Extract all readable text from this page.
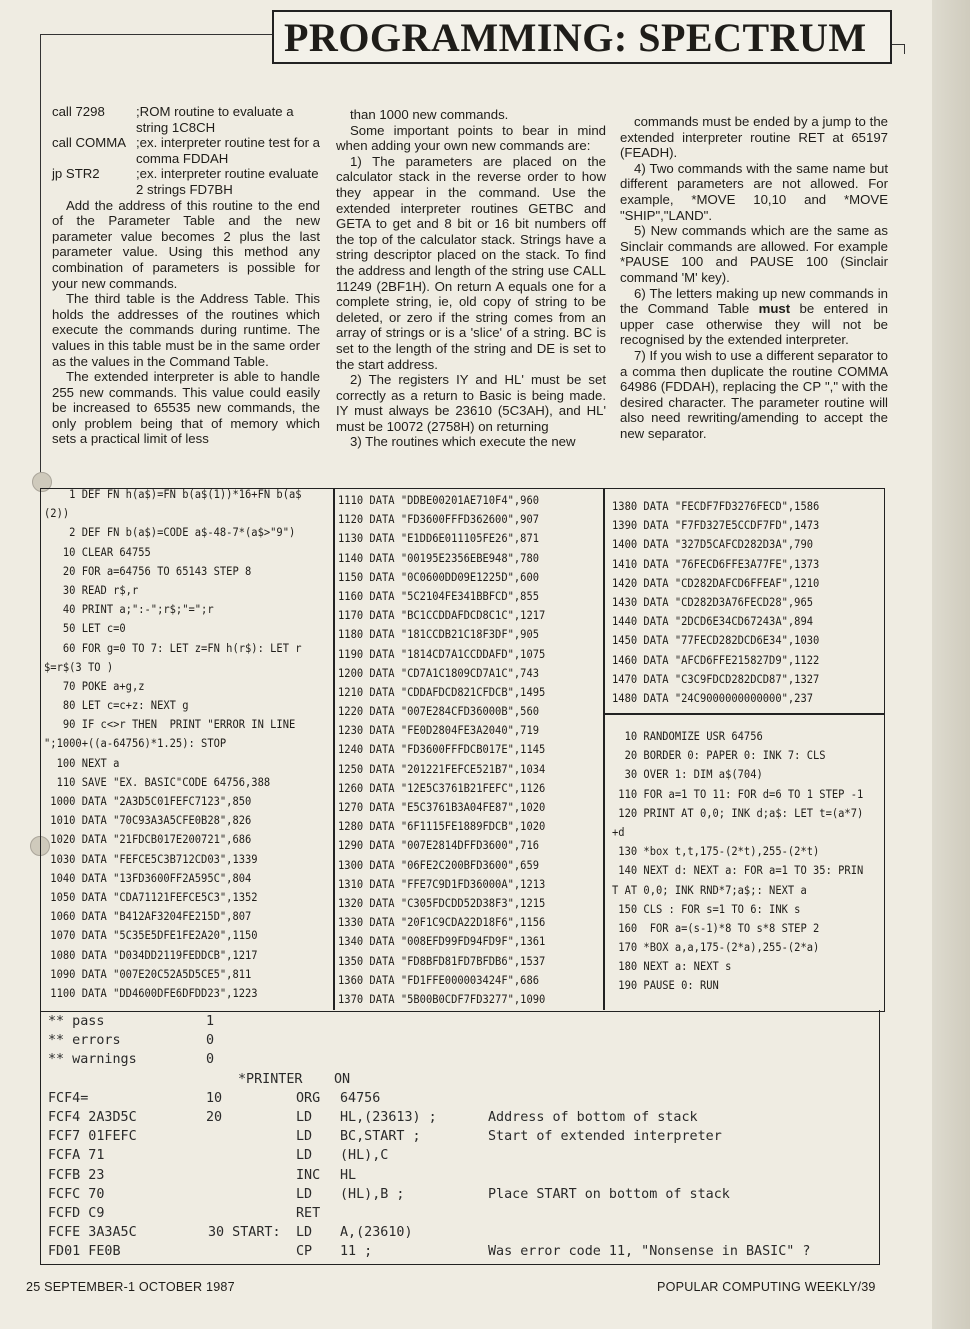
PROGRAMMING: SPECTRUM
call 7298	;ROM routine to evaluate a string 1C8CH
call COMMA ;ex. interpreter routine test for a comma FDDAH
jp STR2	;ex. interpreter routine evaluate 2 strings FD7BH

Add the address of this routine to the end of the Parameter Table and the new parameter value becomes 2 plus the last parameter value. Using this method any combination of parameters is possible for your new commands.

The third table is the Address Table. This holds the addresses of the routines which execute the commands during runtime. The values in this table must be in the same order as the values in the Command Table.

The extended interpreter is able to handle 255 new commands. This value could easily be increased to 65535 new commands, the only problem being that of memory which sets a practical limit of less

than 1000 new commands.

Some important points to bear in mind when adding your own new commands are:

1) The parameters are placed on the calculator stack in the reverse order to how they appear in the command. Use the extended interpreter routines GETBC and GETA to get and 8 bit or 16 bit numbers off the top of the calculator stack. Strings have a string descriptor placed on the stack. To find the address and length of the string use CALL 11249 (2BF1H). On return A equals one for a complete string, ie, old copy of string to be deleted, or zero if the string comes from an array of strings or is a 'slice' of a string. BC is set to the length of the string and DE is set to the start address.

2) The registers IY and HL' must be set correctly as a return to Basic is being made. IY must always be 23610 (5C3AH), and HL' must be 10072 (2758H) on returning

3) The routines which execute the new

commands must be ended by a jump to the extended interpreter routine RET at 65197 (FEADH).

4) Two commands with the same name but different parameters are not allowed. For example, *MOVE 10,10 and *MOVE "SHIP","LAND".

5) New commands which are the same as Sinclair commands are allowed. For example *PAUSE 100 and PAUSE 100 (Sinclair command 'M' key).

6) The letters making up new commands in the Command Table must be entered in upper case otherwise they will not be recognised by the extended interpreter.

7) If you wish to use a different separator to a comma then duplicate the routine COMMA 64986 (FDDAH), replacing the CP "," with the desired character. The parameter routine will also need rewriting/amending to accept the new separator.

1 DEF FN h(a$)=FN b(a$(1))*16+FN b(a$
(2))
2 DEF FN b(a$)=CODE a$-48-7*(a$>"9")
10 CLEAR 64755
20 FOR a=64756 TO 65143 STEP 8
30 READ r$,r
40 PRINT a;":-";r$;"=";r
50 LET c=0
60 FOR g=0 TO 7: LET z=FN h(r$): LET r
$=r$(3 TO )
70 POKE a+g,z
80 LET c=c+z: NEXT g
90 IF c<>r THEN  PRINT "ERROR IN LINE
";1000+((a-64756)*1.25): STOP
100 NEXT a
110 SAVE "EX. BASIC"CODE 64756,388
1000 DATA "2A3D5C01FEFC7123",850
1010 DATA "70C93A3A5CFE0B28",826
1020 DATA "21FDCB017E200721",686
1030 DATA "FEFCE5C3B712CD03",1339
1040 DATA "13FD3600FF2A595C",804
1050 DATA "CDA71121FEFCE5C3",1352
1060 DATA "B412AF3204FE215D",807
1070 DATA "5C35E5DFE1FE2A20",1150
1080 DATA "D034DD2119FEDDCB",1217
1090 DATA "007E20C52A5D5CE5",811
1100 DATA "DD4600DFE6DFDD23",1223
1110 DATA "DDBE00201AE710F4",960
1120 DATA "FD3600FFFD362600",907
1130 DATA "E1DD6E011105FE26",871
1140 DATA "00195E2356EBE948",780
1150 DATA "0C0600DD09E1225D",600
1160 DATA "5C2104FE341BBFCD",855
1170 DATA "BC1CCDDAFDCD8C1C",1217
1180 DATA "181CCDB21C18F3DF",905
1190 DATA "1814CD7A1CCDDAFD",1075
1200 DATA "CD7A1C1809CD7A1C",743
1210 DATA "CDDAFDCD821CFDCB",1495
1220 DATA "007E284CFD36000B",560
1230 DATA "FE0D2804FE3A2040",719
1240 DATA "FD3600FFFDCB017E",1145
1250 DATA "201221FEFCE521B7",1034
1260 DATA "12E5C3761B21FEFC",1126
1270 DATA "E5C3761B3A04FE87",1020
1280 DATA "6F1115FE1889FDCB",1020
1290 DATA "007E2814DFFD3600",716
1300 DATA "06FE2C200BFD3600",659
1310 DATA "FFE7C9D1FD36000A",1213
1320 DATA "C305FDCDD52D38F3",1215
1330 DATA "20F1C9CDA22D18F6",1156
1340 DATA "008EFD99FD94FD9F",1361
1350 DATA "FD8BFD81FD7BFDB6",1537
1360 DATA "FD1FFE000003424F",686
1370 DATA "5B00B0CDF7FD3277",1090
1380 DATA "FECDF7FD3276FECD",1586
1390 DATA "F7FD327E5CCDF7FD",1473
1400 DATA "327D5CAFCD282D3A",790
1410 DATA "76FECD6FFE3A77FE",1373
1420 DATA "CD282DAFCD6FFEAF",1210
1430 DATA "CD282D3A76FECD28",965
1440 DATA "2DCD6E34CD67243A",894
1450 DATA "77FECD282DCD6E34",1030
1460 DATA "AFCD6FFE215827D9",1122
1470 DATA "C3C9FDCD282DCD87",1327
1480 DATA "24C9000000000000",237
10 RANDOMIZE USR 64756
20 BORDER 0: PAPER 0: INK 7: CLS
30 OVER 1: DIM a$(704)
110 FOR a=1 TO 11: FOR d=6 TO 1 STEP -1
120 PRINT AT 0,0; INK d;a$: LET t=(a*7)
+d
130 *box t,t,175-(2*t),255-(2*t)
140 NEXT d: NEXT a: FOR a=1 TO 35: PRIN
T AT 0,0; INK RND*7;a$;: NEXT a
150 CLS : FOR s=1 TO 6: INK s
160  FOR a=(s-1)*8 TO s*8 STEP 2
170 *BOX a,a,175-(2*a),255-(2*a)
180 NEXT a: NEXT s
190 PAUSE 0: RUN
** pass	1
** errors	0
** warnings	0
*PRINTER ON
FCF4=	10	ORG 64756
FCF4 2A3D5C	20	LD HL,(23613) ;	Address of bottom of stack
FCF7 01FEFC	LD BC,START ;	Start of extended interpreter
FCFA 71	LD (HL),C
FCFB 23	INC HL
FCFC 70	LD (HL),B ;	Place START on bottom of stack
FCFD C9	RET
FCFE 3A3A5C	30 START: LD A,(23610)
FD01 FE0B	CP 11 ;	Was error code 11, "Nonsense in BASIC" ?
25 SEPTEMBER-1 OCTOBER 1987	POPULAR COMPUTING WEEKLY/39
